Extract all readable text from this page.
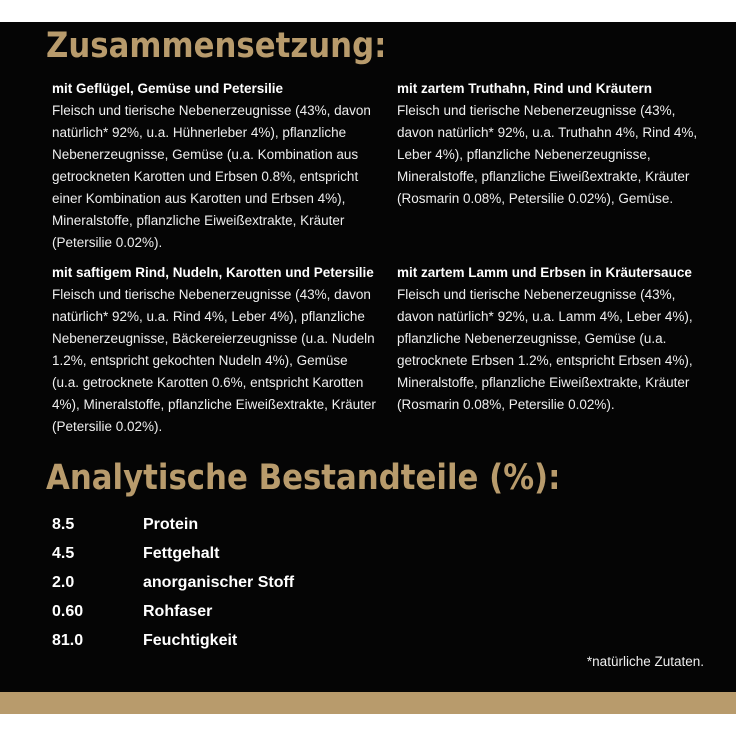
Zusammensetzung:
mit Geflügel, Gemüse und Petersilie
Fleisch und tierische Nebenerzeugnisse (43%, davon natürlich* 92%, u.a. Hühnerleber 4%), pflanzliche Nebenerzeugnisse, Gemüse (u.a. Kombination aus getrockneten Karotten und Erbsen 0.8%, entspricht einer Kombination aus Karotten und Erbsen 4%), Mineralstoffe, pflanzliche Eiweißextrakte, Kräuter (Petersilie 0.02%).
mit zartem Truthahn, Rind und Kräutern
Fleisch und tierische Nebenerzeugnisse (43%, davon natürlich* 92%, u.a. Truthahn 4%, Rind 4%, Leber 4%), pflanzliche Nebenerzeugnisse, Mineralstoffe, pflanzliche Eiweißextrakte, Kräuter (Rosmarin 0.08%, Petersilie 0.02%), Gemüse.
mit saftigem Rind, Nudeln, Karotten und Petersilie
Fleisch und tierische Nebenerzeugnisse (43%, davon natürlich* 92%, u.a. Rind 4%, Leber 4%), pflanzliche Nebenerzeugnisse, Bäckereierzeugnisse (u.a. Nudeln 1.2%, entspricht gekochten Nudeln 4%), Gemüse (u.a. getrocknete Karotten 0.6%, entspricht Karotten 4%), Mineralstoffe, pflanzliche Eiweißextrakte, Kräuter (Petersilie 0.02%).
mit zartem Lamm und Erbsen in Kräutersauce
Fleisch und tierische Nebenerzeugnisse (43%, davon natürlich* 92%, u.a. Lamm 4%, Leber 4%), pflanzliche Nebenerzeugnisse, Gemüse (u.a. getrocknete Erbsen 1.2%, entspricht Erbsen 4%), Mineralstoffe, pflanzliche Eiweißextrakte, Kräuter (Rosmarin 0.08%, Petersilie 0.02%).
Analytische Bestandteile (%):
8.5	Protein
4.5	Fettgehalt
2.0	anorganischer Stoff
0.60	Rohfaser
81.0	Feuchtigkeit
*natürliche Zutaten.
